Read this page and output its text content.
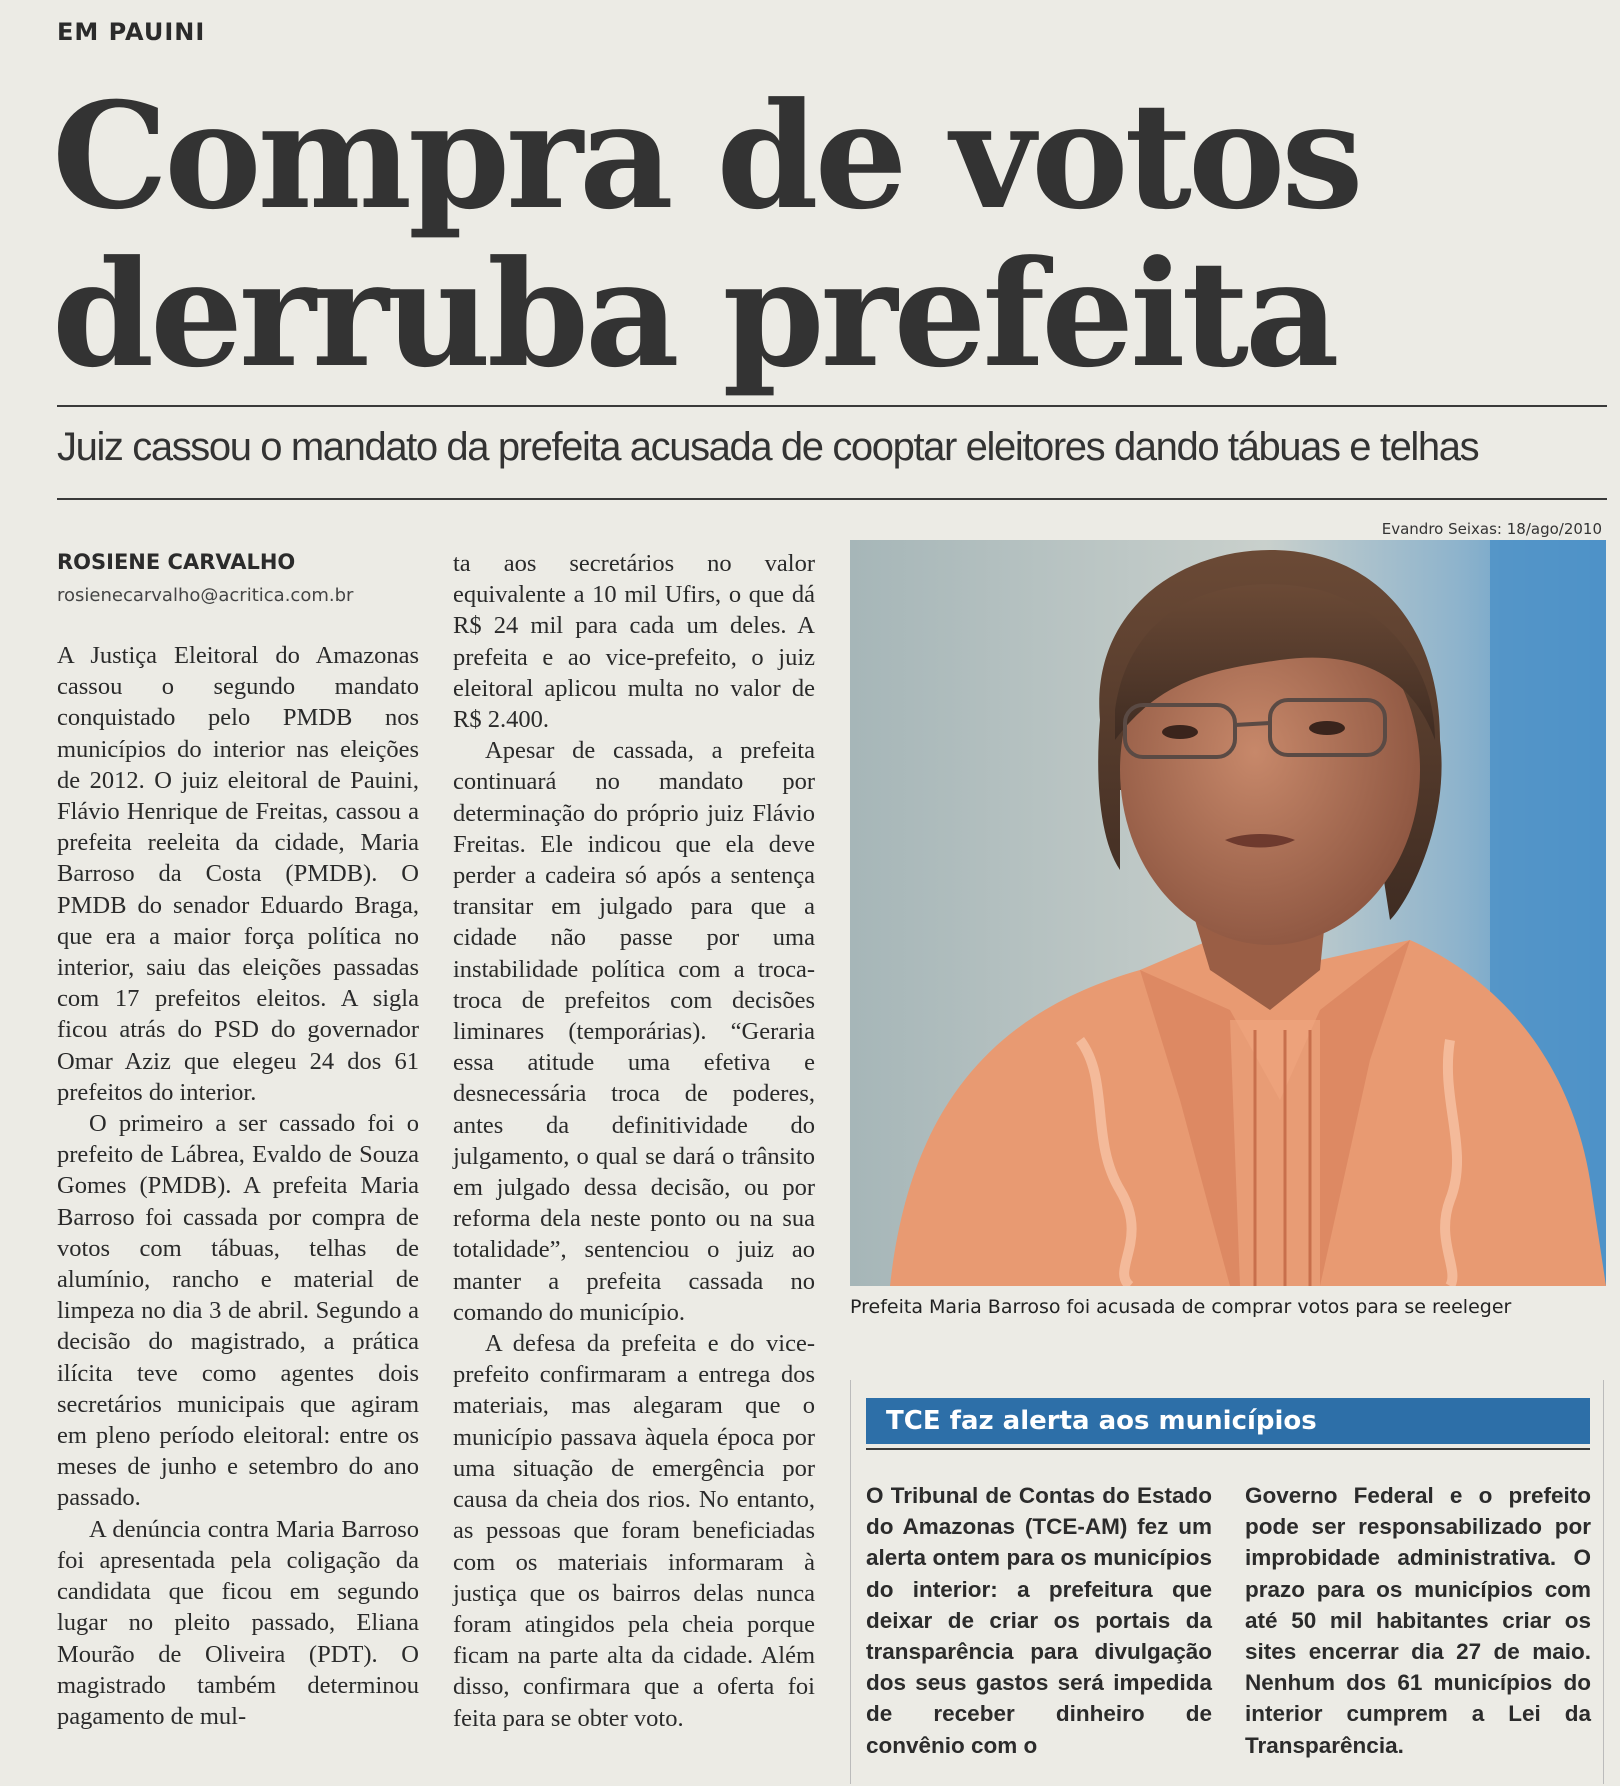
EM PAUINI
Compra de votos
derruba prefeita
Juiz cassou o mandato da prefeita acusada de cooptar eleitores dando tábuas e telhas
Evandro Seixas: 18/ago/2010
ROSIENE CARVALHO
rosienecarvalho@acritica.com.br

A Justiça Eleitoral do Amazonas cassou o segundo mandato conquistado pelo PMDB nos municípios do interior nas eleições de 2012. O juiz eleitoral de Pauini, Flávio Henrique de Freitas, cassou a prefeita reeleita da cidade, Maria Barroso da Costa (PMDB). O PMDB do senador Eduardo Braga, que era a maior força política no interior, saiu das eleições passadas com 17 prefeitos eleitos. A sigla ficou atrás do PSD do governador Omar Aziz que elegeu 24 dos 61 prefeitos do interior.

O primeiro a ser cassado foi o prefeito de Lábrea, Evaldo de Souza Gomes (PMDB). A prefeita Maria Barroso foi cassada por compra de votos com tábuas, telhas de alumínio, rancho e material de limpeza no dia 3 de abril. Segundo a decisão do magistrado, a prática ilícita teve como agentes dois secretários municipais que agiram em pleno período eleitoral: entre os meses de junho e setembro do ano passado.

A denúncia contra Maria Barroso foi apresentada pela coligação da candidata que ficou em segundo lugar no pleito passado, Eliana Mourão de Oliveira (PDT). O magistrado também determinou pagamento de mul-

ta aos secretários no valor equivalente a 10 mil Ufirs, o que dá R$ 24 mil para cada um deles. A prefeita e ao vice-prefeito, o juiz eleitoral aplicou multa no valor de R$ 2.400.

Apesar de cassada, a prefeita continuará no mandato por determinação do próprio juiz Flávio Freitas. Ele indicou que ela deve perder a cadeira só após a sentença transitar em julgado para que a cidade não passe por uma instabilidade política com a troca-troca de prefeitos com decisões liminares (temporárias). “Geraria essa atitude uma efetiva e desnecessária troca de poderes, antes da definitividade do julgamento, o qual se dará o trânsito em julgado dessa decisão, ou por reforma dela neste ponto ou na sua totalidade”, sentenciou o juiz ao manter a prefeita cassada no comando do município.

A defesa da prefeita e do vice-prefeito confirmaram a entrega dos materiais, mas alegaram que o município passava àquela época por uma situação de emergência por causa da cheia dos rios. No entanto, as pessoas que foram beneficiadas com os materiais informaram à justiça que os bairros delas nunca foram atingidos pela cheia porque ficam na parte alta da cidade. Além disso, confirmara que a oferta foi feita para se obter voto.

Prefeita Maria Barroso foi acusada de comprar votos para se reeleger
TCE faz alerta aos municípios
O Tribunal de Contas do Estado do Amazonas (TCE-AM) fez um alerta ontem para os municípios do interior: a prefeitura que deixar de criar os portais da transparência para divulgação dos seus gastos será impedida de receber dinheiro de convênio com o
Governo Federal e o prefeito pode ser responsabilizado por improbidade administrativa. O prazo para os municípios com até 50 mil habitantes criar os sites encerrar dia 27 de maio. Nenhum dos 61 municípios do interior cumprem a Lei da Transparência.
